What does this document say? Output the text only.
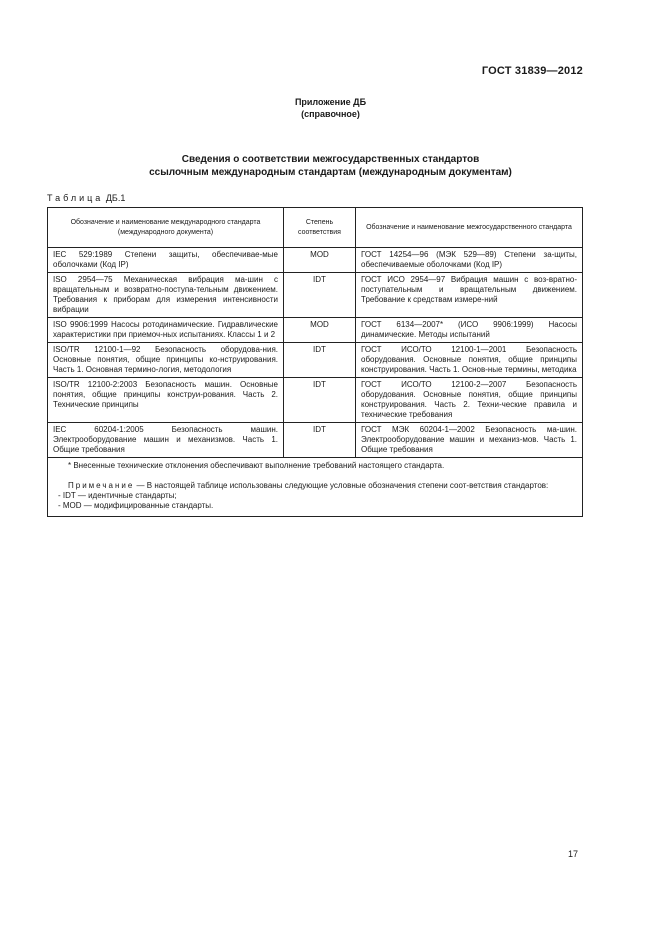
ГОСТ 31839—2012
Приложение ДБ
(справочное)
Сведения о соответствии межгосударственных стандартов
ссылочным международным стандартам (международным документам)
Таблица ДБ.1
Обозначение и наименование международного стандарта (международного документа)	Степень соответствия	Обозначение и наименование межгосударственного стандарта
IEC 529:1989 Степени защиты, обеспечивае-мые оболочками (Код IP)	MOD	ГОСТ 14254—96 (МЭК 529—89) Степени за-щиты, обеспечиваемые оболочками (Код IP)
ISO 2954—75 Механическая вибрация ма-шин с вращательным и возвратно-поступа-тельным движением. Требования к приборам для измерения интенсивности вибрации	IDT	ГОСТ ИСО 2954—97 Вибрация машин с воз-вратно-поступательным и вращательным движением. Требование к средствам измере-ний
ISO 9906:1999 Насосы ротодинамические. Гидравлические характеристики при приемоч-ных испытаниях. Классы 1 и 2	MOD	ГОСТ 6134—2007* (ИСО 9906:1999) Насосы динамические. Методы испытаний
ISO/TR 12100-1—92 Безопасность оборудова-ния. Основные понятия, общие принципы ко-нструирования. Часть 1. Основная термино-логия, методология	IDT	ГОСТ ИСО/ТО 12100-1—2001 Безопасность оборудования. Основные понятия, общие принципы конструирования. Часть 1. Основ-ные термины, методика
ISO/TR 12100-2:2003 Безопасность машин. Основные понятия, общие принципы конструи-рования. Часть 2. Технические принципы	IDT	ГОСТ ИСО/ТО 12100-2—2007 Безопасность оборудования. Основные понятия, общие принципы конструирования. Часть 2. Техни-ческие правила и технические требования
IEC 60204-1:2005 Безопасность машин. Электрооборудование машин и механизмов. Часть 1. Общие требования	IDT	ГОСТ МЭК 60204-1—2002 Безопасность ма-шин. Электрооборудование машин и механиз-мов. Часть 1. Общие требования

* Внесенные технические отклонения обеспечивают выполнение требований настоящего стандарта.
Примечание — В настоящей таблице использованы следующие условные обозначения степени соот-ветствия стандартов:
- IDT — идентичные стандарты;
- MOD — модифицированные стандарты.		
17
